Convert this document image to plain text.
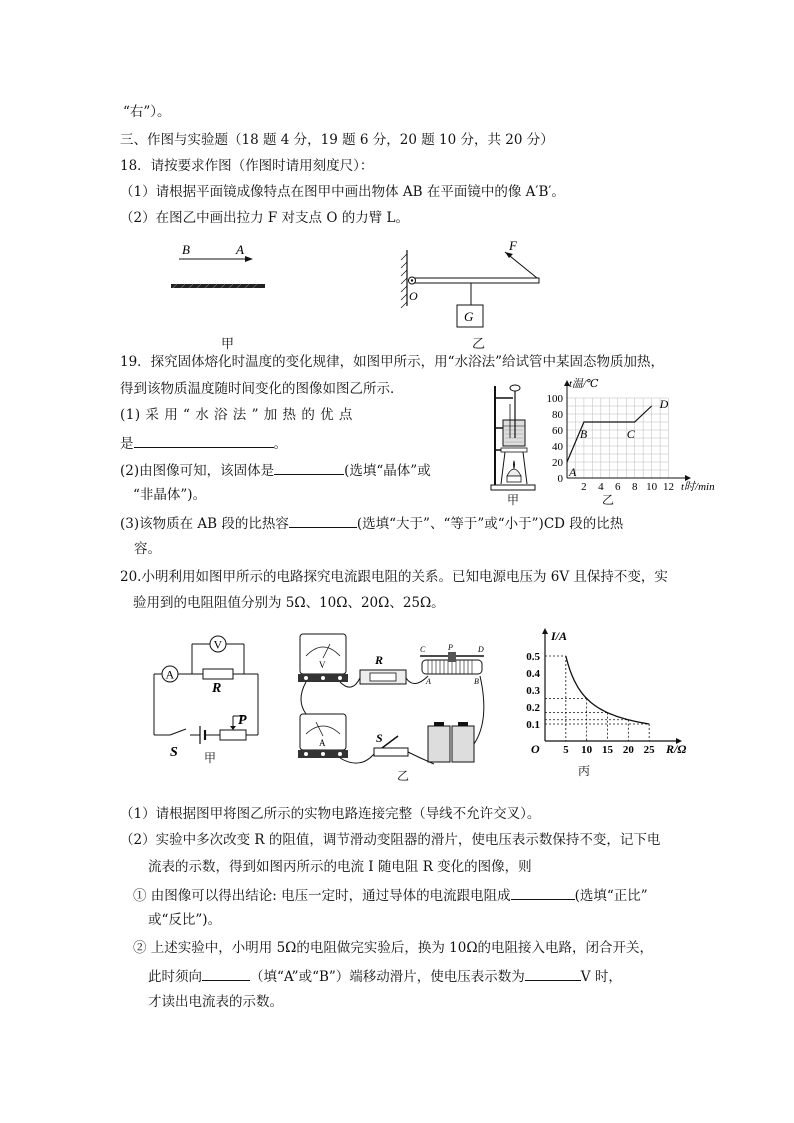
“右”）。
三、作图与实验题（18 题 4 分，19 题 6 分，20 题 10 分，共 20 分）
18．请按要求作图（作图时请用刻度尺）：
（1）请根据平面镜成像特点在图甲中画出物体 AB 在平面镜中的像 A′B′。
（2）在图乙中画出拉力 F 对支点 O 的力臂 L。
B	A
甲
F
O
G
乙
19．探究固体熔化时温度的变化规律，如图甲所示，用“水浴法”给试管中某固态物质加热，
得到该物质温度随时间变化的图像如图乙所示．
(1) 采 用 “ 水 浴 法 ” 加 热 的 优 点
是	。
(2)由图像可知，该固体是	(选填“晶体”或
“非晶体”)。
(3)该物质在 AB 段的比热容	(选填“大于”、“等于”或“小于”)CD 段的比热
容。
甲
0
20
40
60
80
100
2 4 6 8 10 12
t温/℃
t时/min
A
B	C
D
乙
20.小明利用如图甲所示的电路探究电流跟电阻的关系。已知电源电压为 6V 且保持不变，实
验用到的电阻阻值分别为 5Ω、10Ω、20Ω、25Ω。
A
R
V
S
P
甲
V	R
C	P	D
A	B
A	S
乙
0.1
0.2
0.3
0.4
0.5
5 10 15 20 25
O
I/A
R/Ω
丙
（1）请根据图甲将图乙所示的实物电路连接完整（导线不允许交叉）。
（2）实验中多次改变 R 的阻值，调节滑动变阻器的滑片，使电压表示数保持不变，记下电
流表的示数，得到如图丙所示的电流 I 随电阻 R 变化的图像，则
① 由图像可以得出结论: 电压一定时，通过导体的电流跟电阻成	(选填“正比”
或“反比”)。
② 上述实验中，小明用 5Ω的电阻做完实验后，换为 10Ω的电阻接入电路，闭合开关，
此时须向	（填“A”或“B”）端移动滑片，使电压表示数为	V 时，
才读出电流表的示数。
